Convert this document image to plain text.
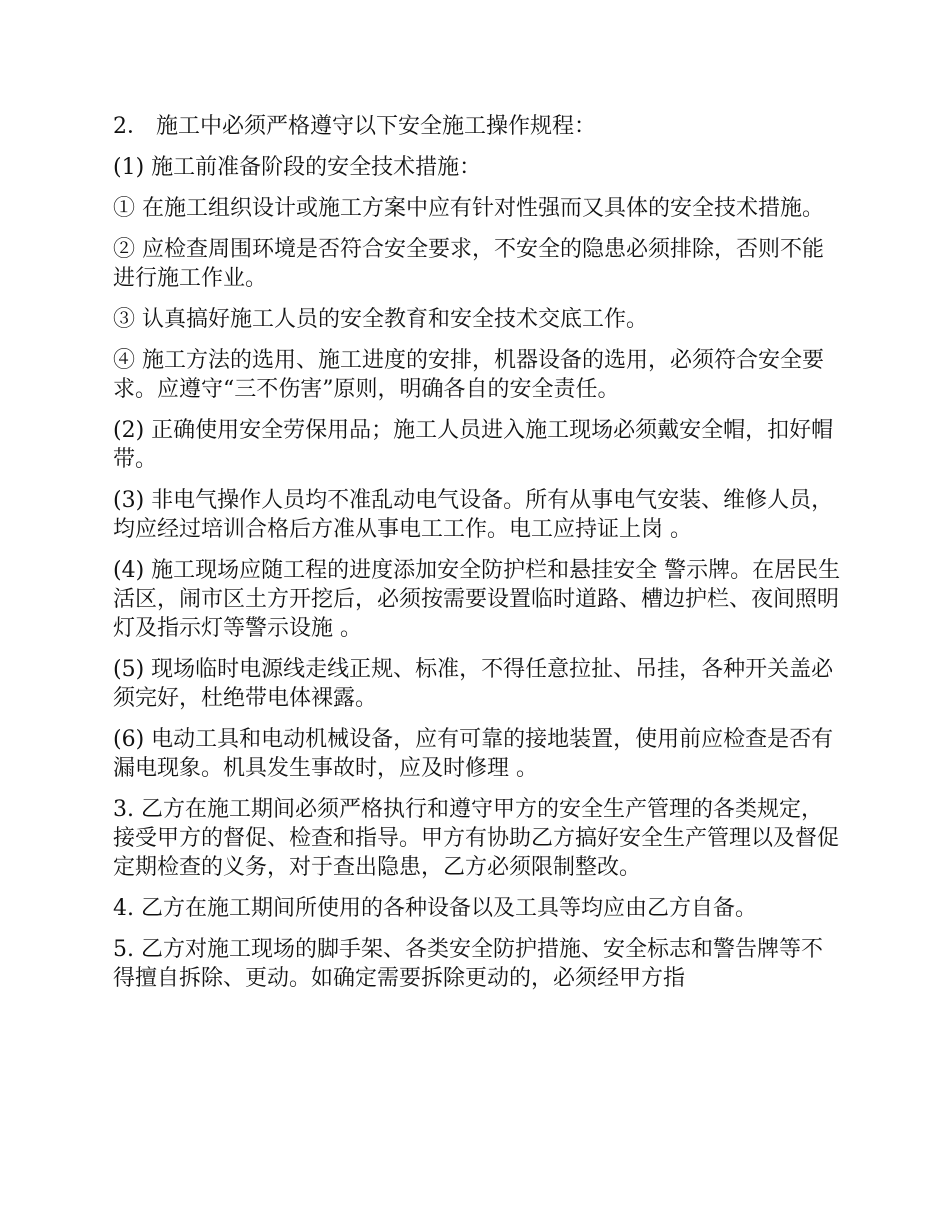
2． 施工中必须严格遵守以下安全施工操作规程：

(1) 施工前准备阶段的安全技术措施：

① 在施工组织设计或施工方案中应有针对性强而又具体的安全技术措施。

② 应检查周围环境是否符合安全要求，不安全的隐患必须排除，否则不能进行施工作业。

③ 认真搞好施工人员的安全教育和安全技术交底工作。

④ 施工方法的选用、施工进度的安排，机器设备的选用，必须符合安全要求。应遵守“三不伤害”原则，明确各自的安全责任。

(2) 正确使用安全劳保用品；施工人员进入施工现场必须戴安全帽，扣好帽带。

(3) 非电气操作人员均不准乱动电气设备。所有从事电气安装、维修人员，均应经过培训合格后方准从事电工工作。电工应持证上岗 。

(4) 施工现场应随工程的进度添加安全防护栏和悬挂安全 警示牌。在居民生活区，闹市区土方开挖后，必须按需要设置临时道路、槽边护栏、夜间照明灯及指示灯等警示设施 。

(5) 现场临时电源线走线正规、标准，不得任意拉扯、吊挂，各种开关盖必须完好，杜绝带电体裸露。

(6) 电动工具和电动机械设备，应有可靠的接地装置，使用前应检查是否有漏电现象。机具发生事故时，应及时修理 。

3. 乙方在施工期间必须严格执行和遵守甲方的安全生产管理的各类规定，接受甲方的督促、检查和指导。甲方有协助乙方搞好安全生产管理以及督促定期检查的义务，对于查出隐患，乙方必须限制整改。

4. 乙方在施工期间所使用的各种设备以及工具等均应由乙方自备。

5. 乙方对施工现场的脚手架、各类安全防护措施、安全标志和警告牌等不得擅自拆除、更动。如确定需要拆除更动的，必须经甲方指
